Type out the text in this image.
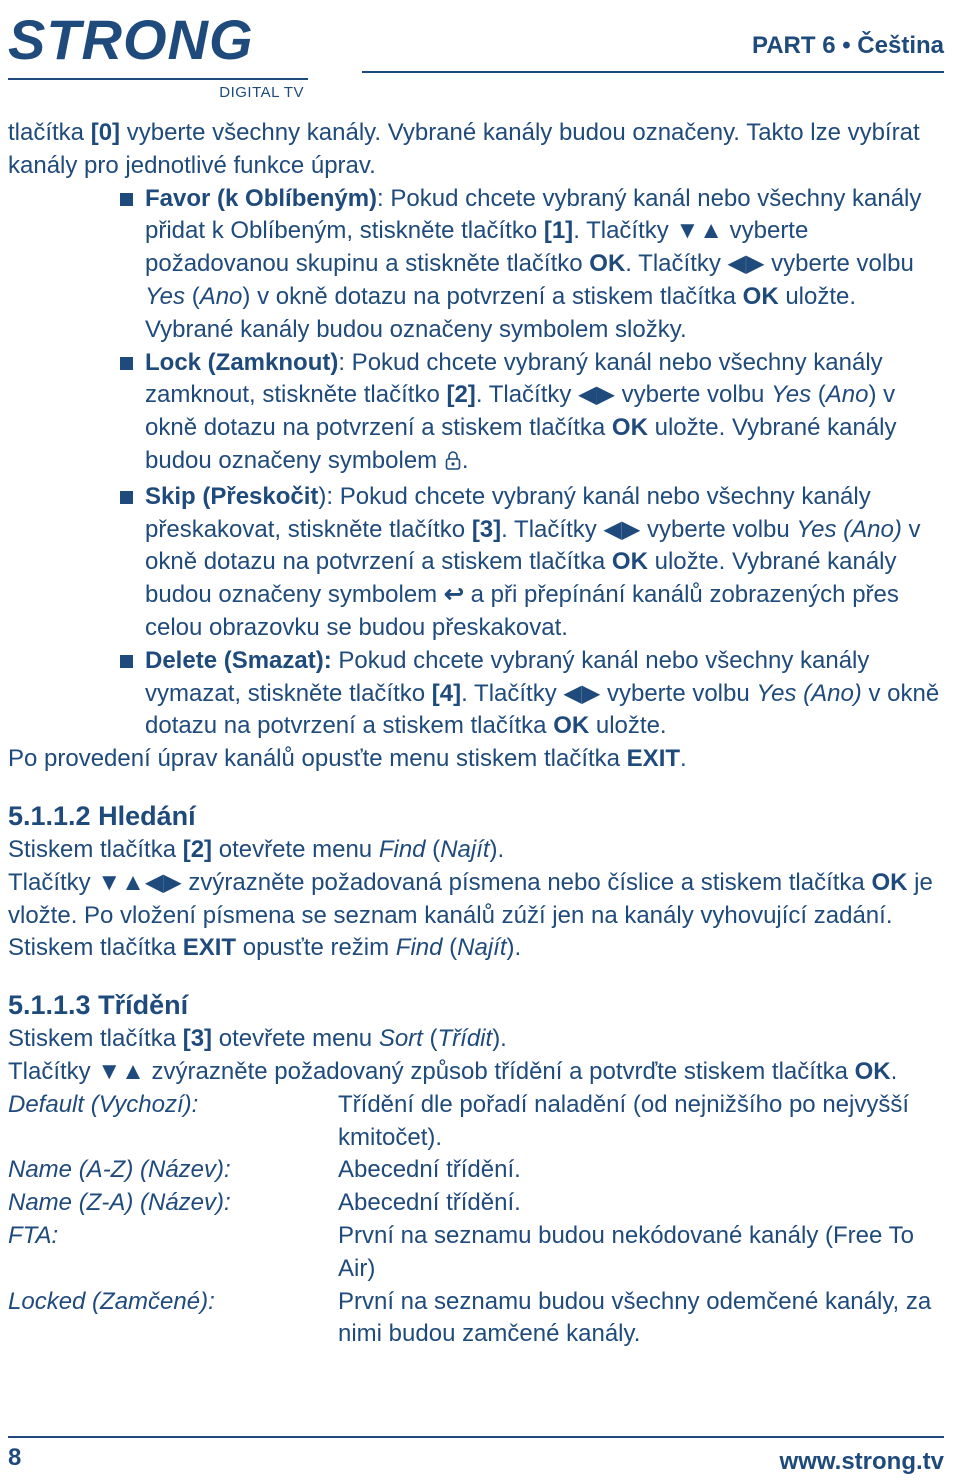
STRONG
DIGITAL TV
PART 6 • Čeština

tlačítka [0] vyberte všechny kanály. Vybrané kanály budou označeny. Takto lze vybírat kanály pro jednotlivé funkce úprav.

Favor (k Oblíbeným): Pokud chcete vybraný kanál nebo všechny kanály přidat k Oblíbeným, stiskněte tlačítko [1]. Tlačítky ▼▲ vyberte požadovanou skupinu a stiskněte tlačítko OK. Tlačítky ◀▶ vyberte volbu Yes (Ano) v okně dotazu na potvrzení a stiskem tlačítka OK uložte. Vybrané kanály budou označeny symbolem složky.
Lock (Zamknout): Pokud chcete vybraný kanál nebo všechny kanály zamknout, stiskněte tlačítko [2]. Tlačítky ◀▶ vyberte volbu Yes (Ano) v okně dotazu na potvrzení a stiskem tlačítka OK uložte. Vybrané kanály budou označeny symbolem .
Skip (Přeskočit): Pokud chcete vybraný kanál nebo všechny kanály přeskakovat, stiskněte tlačítko [3]. Tlačítky ◀▶ vyberte volbu Yes (Ano) v okně dotazu na potvrzení a stiskem tlačítka OK uložte. Vybrané kanály budou označeny symbolem ↩ a při přepínání kanálů zobrazených přes celou obrazovku se budou přeskakovat.
Delete (Smazat): Pokud chcete vybraný kanál nebo všechny kanály vymazat, stiskněte tlačítko [4]. Tlačítky ◀▶ vyberte volbu Yes (Ano) v okně dotazu na potvrzení a stiskem tlačítka OK uložte.

Po provedení úprav kanálů opusťte menu stiskem tlačítka EXIT.

5.1.1.2 Hledání

Stiskem tlačítka [2] otevřete menu Find (Najít).

Tlačítky ▼▲◀▶ zvýrazněte požadovaná písmena nebo číslice a stiskem tlačítka OK je vložte. Po vložení písmena se seznam kanálů zúží jen na kanály vyhovující zadání.

Stiskem tlačítka EXIT opusťte režim Find (Najít).

5.1.1.3 Třídění

Stiskem tlačítka [3] otevřete menu Sort (Třídit).

Tlačítky ▼▲ zvýrazněte požadovaný způsob třídění a potvrďte stiskem tlačítka OK.

Default (Vychozí):	Třídění dle pořadí naladění (od nejnižšího po nejvyšší kmitočet).
Name (A-Z) (Název):	Abecední třídění.
Name (Z-A) (Název):	Abecední třídění.
FTA:	První na seznamu budou nekódované kanály (Free To Air)
Locked (Zamčené):	První na seznamu budou všechny odemčené kanály, za nimi budou zamčené kanály.
8	www.strong.tv
